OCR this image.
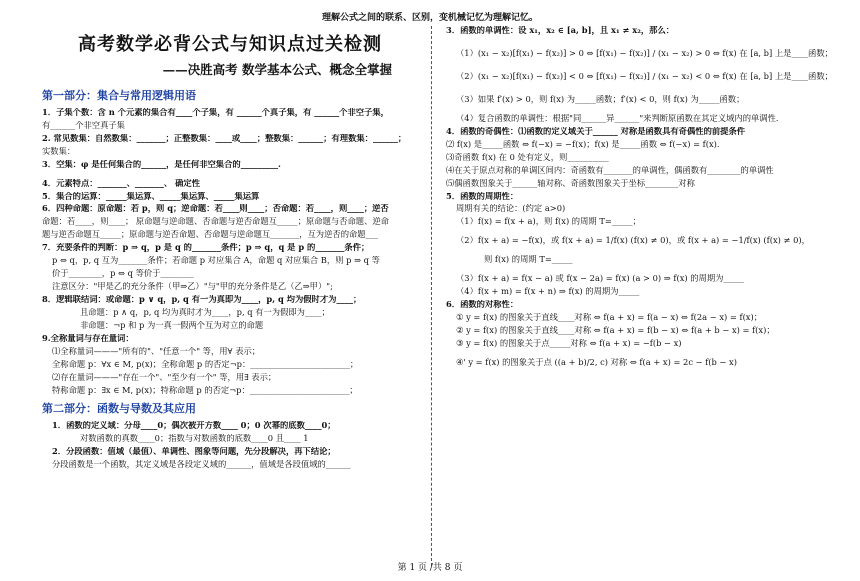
理解公式之间的联系、区别，变机械记忆为理解记忆。
高考数学必背公式与知识点过关检测
——决胜高考 数学基本公式、概念全掌握
第一部分：集合与常用逻辑用语
1．子集个数：含 n 个元素的集合有____个子集，有 ______个真子集，有 ______个非空子集，
有______个非空真子集
2. 常见数集：自然数集：_______；正整数集：____或____；整数集：______；有理数集：______；
实数集：
3．空集：φ 是任何集合的______，是任何非空集合的_________.
4．元素特点：_______、_______、 确定性
5．集合的运算：_____集运算、_____集运算、_____集运算
6．四种命题：原命题：若 p，则 q；逆命题：若____则____；否命题：若____，则____；逆否
命题：若____，则____； 原命题与逆命题、否命题与逆否命题互_____；原命题与否命题、逆命
题与逆否命题互_____；原命题与逆否命题、否命题与逆命题互_______，互为逆否的命题___
7．充要条件的判断：p ⇒ q，p 是 q 的_______条件；p ⇒ q，q 是 p 的_______条件；
p ⇔ q，p, q 互为_______条件；若命题 p 对应集合 A，命题 q 对应集合 B，则 p ⇒ q 等
价于________，p ⇔ q 等价于________
注意区分："甲是乙的充分条件（甲⇒乙）"与"甲的充分条件是乙（乙⇒甲）";
8．逻辑联结词：或命题：p ∨ q，p, q 有一为真即为____，p, q 均为假时才为____；
且命题：p ∧ q，p, q 均为真时才为____，p, q 有一为假即为____；
非命题：¬p 和 p 为一真一假两个互为对立的命题
9.全称量词与存在量词：
⑴全称量词———"所有的"、"任意一个" 等，用∀ 表示；
全称命题 p：∀x ∈ M, p(x)；全称命题 p 的否定¬p：________________________；
⑵存在量词———"存在一个"、"至少有一个" 等，用∃ 表示；
特称命题 p：∃x ∈ M, p(x)；特称命题 p 的否定¬p：________________________；
第二部分：函数与导数及其应用
1．函数的定义域：分母____0；偶次被开方数____ 0；0 次幂的底数____0；
对数函数的真数____0；指数与对数函数的底数____0 且____ 1
2．分段函数：值域（最值）、单调性、图象等问题，先分段解决，再下结论；
分段函数是一个函数，其定义域是各段定义域的______，值域是各段值域的______
3．函数的单调性：设 x₁，x₂ ∈ [a, b]，且 x₁ ≠ x₂，那么：
（1）(x₁ − x₂)[f(x₁) − f(x₂)] > 0 ⇔ [f(x₁) − f(x₂)] / (x₁ − x₂) > 0 ⇔ f(x) 在 [a, b] 上是____函数；
（2）(x₁ − x₂)[f(x₁) − f(x₂)] < 0 ⇔ [f(x₁) − f(x₂)] / (x₁ − x₂) < 0 ⇔ f(x) 在 [a, b] 上是____函数；
（3）如果 f′(x) > 0，则 f(x) 为_____函数；f′(x) < 0，则 f(x) 为_____函数；
（4）复合函数的单调性：根据"同______异______"来判断原函数在其定义域内的单调性.
4．函数的奇偶性：⑴函数的定义域关于______ 对称是函数具有奇偶性的前提条件
⑵ f(x) 是_____函数 ⇔ f(−x) = −f(x)；f(x) 是_____函数 ⇔ f(−x) = f(x).
⑶奇函数 f(x) 在 0 处有定义，则__________
⑷在关于原点对称的单调区间内：奇函数有_______的单调性，偶函数有________的单调性
⑸偶函数图象关于______轴对称、奇函数图象关于坐标________对称
5．函数的周期性：
周期有关的结论：(约定 a>0)
（1）f(x) = f(x + a)，则 f(x) 的周期 T=_____；
（2）f(x + a) = −f(x)，或 f(x + a) = 1/f(x) (f(x) ≠ 0)，或 f(x + a) = −1/f(x) (f(x) ≠ 0)，
则 f(x) 的周期 T=_____
（3）f(x + a) = f(x − a) 或 f(x − 2a) = f(x) (a > 0) ⇒ f(x) 的周期为_____
（4）f(x + m) = f(x + n) ⇒ f(x) 的周期为_____
6．函数的对称性：
① y = f(x) 的图象关于直线____对称 ⇔ f(a + x) = f(a − x) ⇔ f(2a − x) = f(x)；
② y = f(x) 的图象关于直线____对称 ⇔ f(a + x) = f(b − x) ⇔ f(a + b − x) = f(x)；
③ y = f(x) 的图象关于点_____对称 ⇔ f(a + x) = −f(b − x)
④' y = f(x) 的图象关于点 ((a + b)/2, c) 对称 ⇔ f(a + x) = 2c − f(b − x)
第 1 页 /共 8 页
